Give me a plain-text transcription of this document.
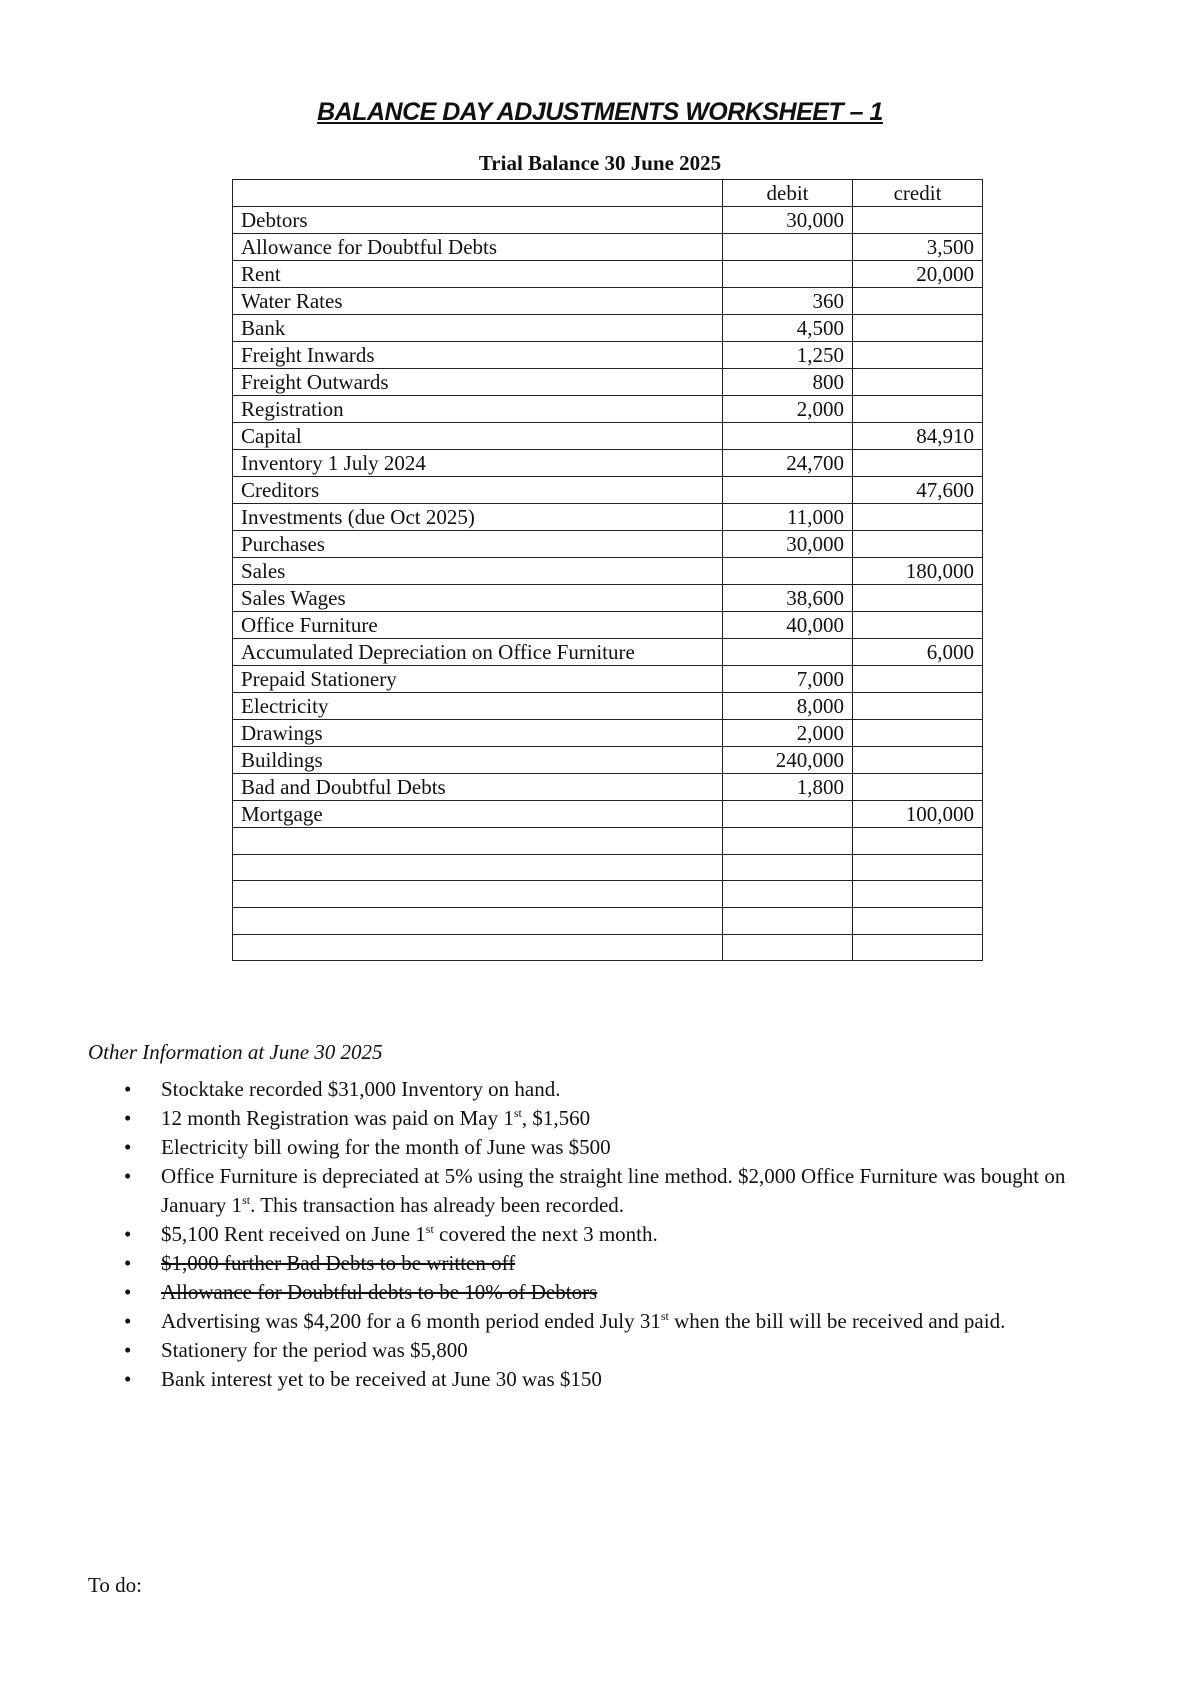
BALANCE DAY ADJUSTMENTS WORKSHEET – 1
Trial Balance 30 June 2025
	debit	credit
Debtors	30,000	
Allowance for Doubtful Debts		3,500
Rent		20,000
Water Rates	360	
Bank	4,500	
Freight Inwards	1,250	
Freight Outwards	800	
Registration	2,000	
Capital		84,910
Inventory 1 July 2024	24,700	
Creditors		47,600
Investments (due Oct 2025)	11,000	
Purchases	30,000	
Sales		180,000
Sales Wages	38,600	
Office Furniture	40,000	
Accumulated Depreciation on Office Furniture		6,000
Prepaid Stationery	7,000	
Electricity	8,000	
Drawings	2,000	
Buildings	240,000	
Bad and Doubtful Debts	1,800	
Mortgage		100,000

Other Information at June 30 2025
• Stocktake recorded $31,000 Inventory on hand.
• 12 month Registration was paid on May 1st, $1,560
• Electricity bill owing for the month of June was $500
• Office Furniture is depreciated at 5% using the straight line method. $2,000 Office Furniture was bought on January 1st. This transaction has already been recorded.
• $5,100 Rent received on June 1st covered the next 3 month.
• $1,000 further Bad Debts to be written off
• Allowance for Doubtful debts to be 10% of Debtors
• Advertising was $4,200 for a 6 month period ended July 31st when the bill will be received and paid.
• Stationery for the period was $5,800
• Bank interest yet to be received at June 30 was $150
To do:
